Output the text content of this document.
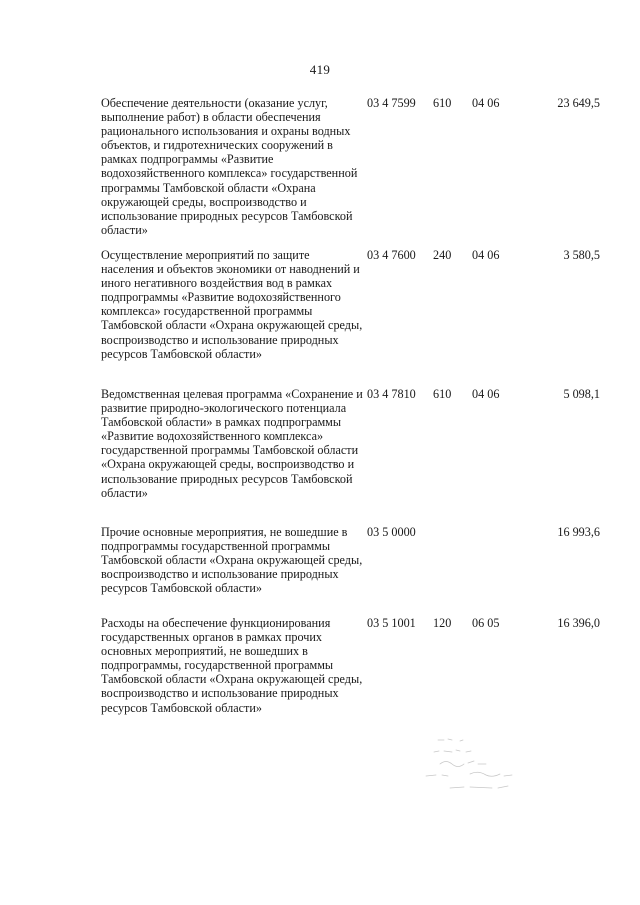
419
Обеспечение деятельности (оказание услуг, выполнение работ) в области обеспечения рационального использования и охраны водных объектов, и гидротехнических сооружений в рамках подпрограммы «Развитие водохозяйственного комплекса» государственной программы Тамбовской области «Охрана окружающей среды, воспроизводство и использование природных ресурсов Тамбовской области»
03 4 7599 610 04 06	23 649,5
Осуществление мероприятий по защите населения и объектов экономики от наводнений и иного негативного воздействия вод в рамках подпрограммы «Развитие водохозяйственного комплекса» государственной программы Тамбовской области «Охрана окружающей среды, воспроизводство и использование природных ресурсов Тамбовской области»
03 4 7600 240 04 06	3 580,5
Ведомственная целевая программа «Сохранение и развитие природно-экологического потенциала Тамбовской области» в рамках подпрограммы «Развитие водохозяйственного комплекса» государственной программы Тамбовской области «Охрана окружающей среды, воспроизводство и использование природных ресурсов Тамбовской области»
03 4 7810 610 04 06	5 098,1
Прочие основные мероприятия, не вошедшие в подпрограммы государственной программы Тамбовской области «Охрана окружающей среды, воспроизводство и использование природных ресурсов Тамбовской области»
03 5 0000	16 993,6
Расходы на обеспечение функционирования государственных органов в рамках прочих основных мероприятий, не вошедших в подпрограммы, государственной программы Тамбовской области «Охрана окружающей среды, воспроизводство и использование природных ресурсов Тамбовской области»
03 5 1001 120 06 05	16 396,0
